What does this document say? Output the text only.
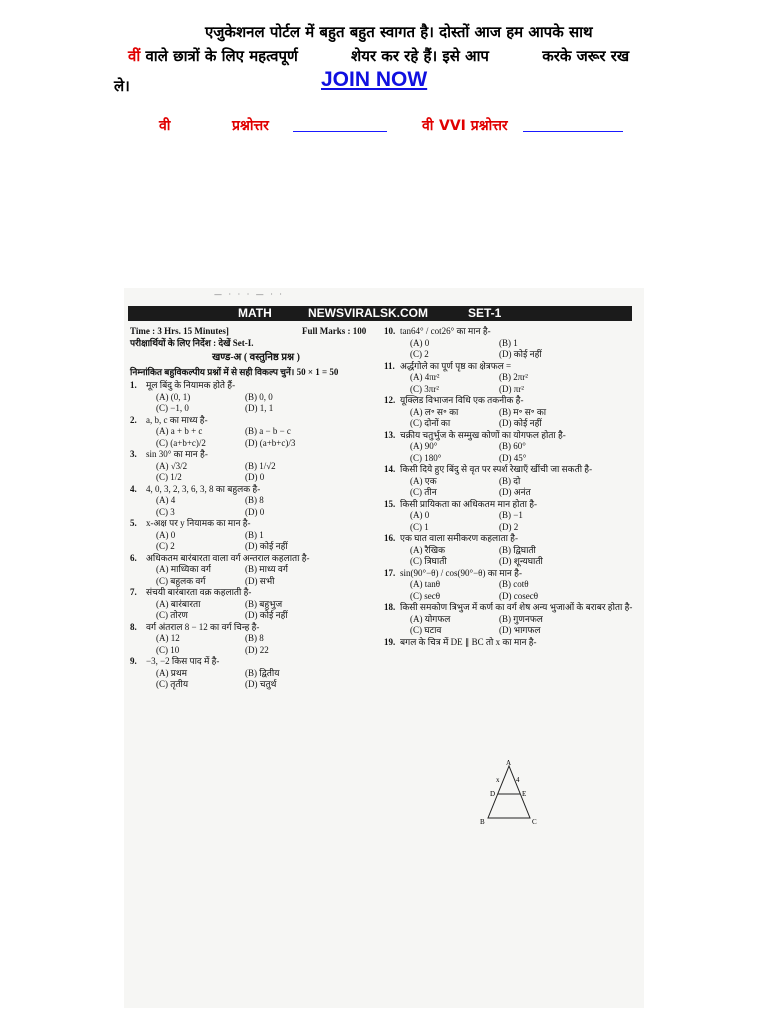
एजुकेशनल पोर्टल में बहुत बहुत स्वागत है। दोस्तों आज हम आपके साथ
वीं वाले छात्रों के लिए महत्वपूर्ण	शेयर कर रहे हैं। इसे आप	करके जरूर रख
ले।	JOIN NOW
वी	प्रश्नोत्तर	वी VVI प्रश्नोत्तर
— · · · — · ·
MATH	NEWSVIRALSK.COM	SET-1
Time : 3 Hrs. 15 Minutes]	Full Marks : 100
परीक्षार्थियों के लिए निर्देश : देखें Set-I.
खण्ड-अ ( वस्तुनिष्ठ प्रश्न )
निम्नांकित बहुविकल्पीय प्रश्नों में से सही विकल्प चुनें। 50 × 1 = 50
1. मूल बिंदु के नियामक होते हैं-
(A) (0, 1)	(B) 0, 0
(C) −1, 0	(D) 1, 1
2. a, b, c का माध्य है-
(A) a + b + c	(B) a − b − c
(C) (a+b+c)/2	(D) (a+b+c)/3
3. sin 30° का मान है-
(A) √3/2	(B) 1/√2
(C) 1/2	(D) 0
4. 4, 0, 3, 2, 3, 6, 3, 8 का बहुलक है-
(A) 4	(B) 8
(C) 3	(D) 0
5. x-अक्ष पर y नियामक का मान है-
(A) 0	(B) 1
(C) 2	(D) कोई नहीं
6. अधिकतम बारंबारता वाला वर्ग अन्तराल कहलाता है-
(A) माध्यिका वर्ग	(B) माध्य वर्ग
(C) बहुलक वर्ग	(D) सभी
7. संचयी बारंबारता वक्र कहलाती है-
(A) बारंबारता	(B) बहुभुज
(C) तोरण	(D) कोई नहीं
8. वर्ग अंतराल 8 − 12 का वर्ग चिन्ह है-
(A) 12	(B) 8
(C) 10	(D) 22
9. −3, −2 किस पाद में है-
(A) प्रथम	(B) द्वितीय
(C) तृतीय	(D) चतुर्थ
10. tan64° / cot26° का मान है-
(A) 0	(B) 1
(C) 2	(D) कोई नहीं
11. अर्द्धगोले का पूर्ण पृष्ठ का क्षेत्रफल =
(A) 4πr²	(B) 2πr²
(C) 3πr²	(D) πr²
12. यूक्लिड विभाजन विधि एक तकनीक है-
(A) ल॰ स॰ का	(B) म॰ स॰ का
(C) दोनों का	(D) कोई नहीं
13. चक्रीय चतुर्भुज के सम्मुख कोणों का योगफल होता है-
(A) 90°	(B) 60°
(C) 180°	(D) 45°
14. किसी दिये हुए बिंदु से वृत पर स्पर्श रेखाएँ खींची जा सकती है-
(A) एक	(B) दो
(C) तीन	(D) अनंत
15. किसी प्रायिकता का अधिकतम मान होता है-
(A) 0	(B) −1
(C) 1	(D) 2
16. एक घात वाला समीकरण कहलाता है-
(A) रैखिक	(B) द्विघाती
(C) त्रिघाती	(D) शून्यघाती
17. sin(90°−θ) / cos(90°−θ) का मान है-
(A) tanθ	(B) cotθ
(C) secθ	(D) cosecθ
18. किसी समकोण त्रिभुज में कर्ण का वर्ग शेष अन्य भुजाओं के बराबर होता है-
(A) योगफल	(B) गुणनफल
(C) घटाव	(D) भागफल
19. बगल के चित्र में DE ∥ BC तो x का मान है-
A
B	C
D	E
x 4
